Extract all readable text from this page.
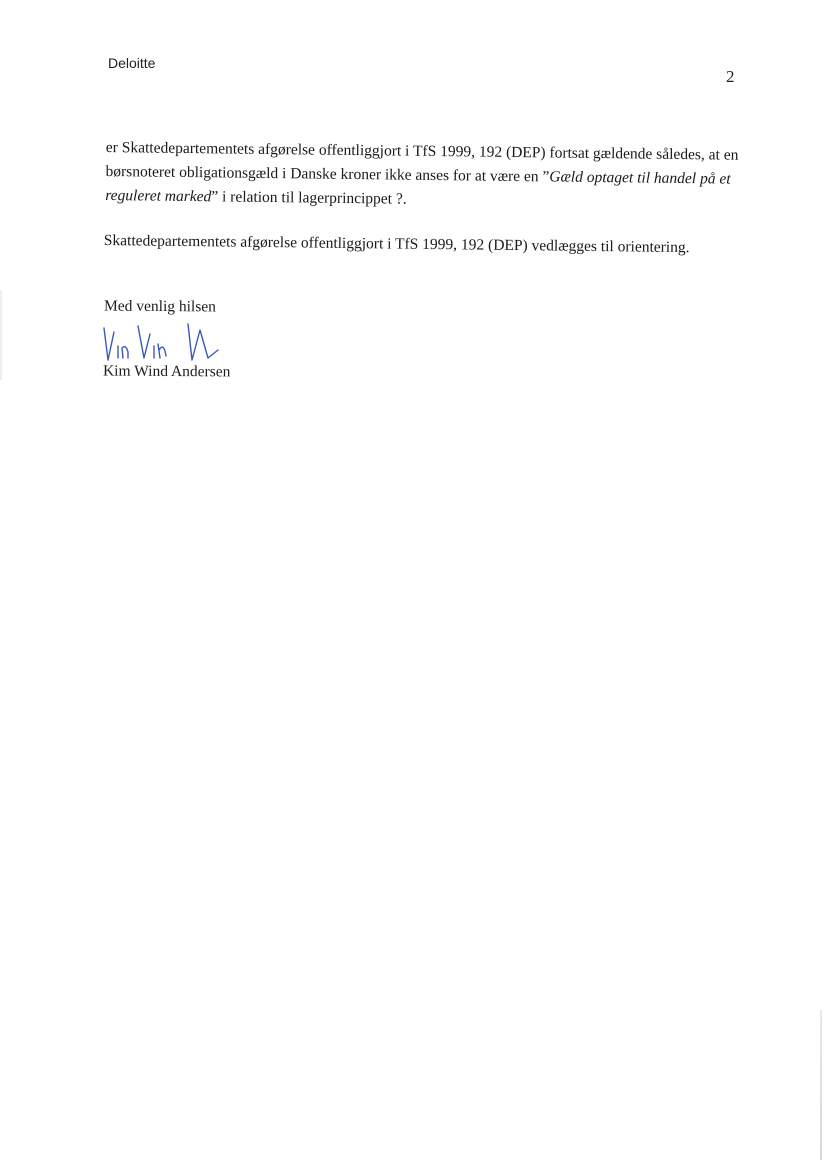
Deloitte
2
er Skattedepartementets afgørelse offentliggjort i TfS 1999, 192 (DEP) fortsat gældende således, at en
børsnoteret obligationsgæld i Danske kroner ikke anses for at være en ”Gæld optaget til handel på et
reguleret marked” i relation til lagerprincippet ?.
Skattedepartementets afgørelse offentliggjort i TfS 1999, 192 (DEP) vedlægges til orientering.
Med venlig hilsen
Kim Wind Andersen
